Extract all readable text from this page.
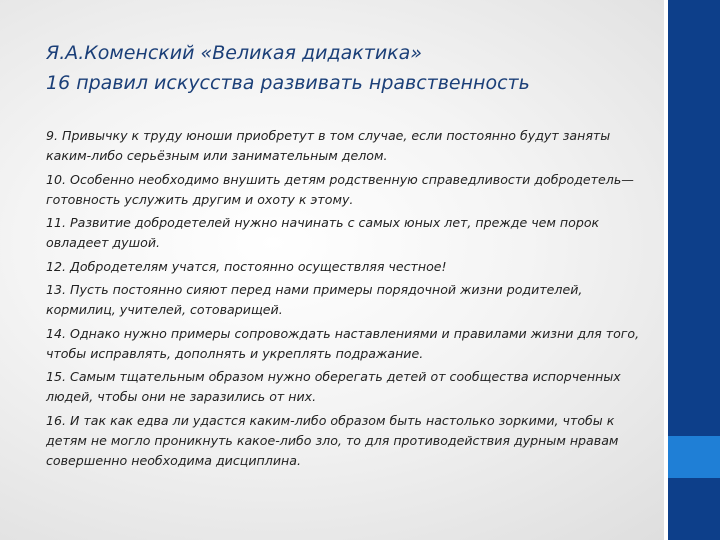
Я.А.Коменский «Великая дидактика»
16 правил искусства развивать нравственность

9. Привычку к труду юноши приобретут в том случае, если постоянно будут заняты каким-либо серьёзным или занимательным делом.

10. Особенно необходимо внушить детям родственную справедливости добродетель— готовность услужить другим и охоту к этому.

11. Развитие добродетелей нужно начинать с самых юных лет, прежде чем порок овладеет душой.

12. Добродетелям учатся, постоянно осуществляя честное!

13. Пусть постоянно сияют перед нами примеры порядочной жизни родителей, кормилиц, учителей, сотоварищей.

14. Однако нужно примеры сопровождать наставлениями и правилами жизни для того, чтобы исправлять, дополнять и укреплять подражание.

15. Самым тщательным образом нужно оберегать детей от сообщества испорченных людей, чтобы они не заразились от них.

16. И так как едва ли удастся каким-либо образом быть настолько зоркими, чтобы к детям не могло проникнуть какое-либо зло, то для противодействия дурным нравам совершенно необходима дисциплина.
